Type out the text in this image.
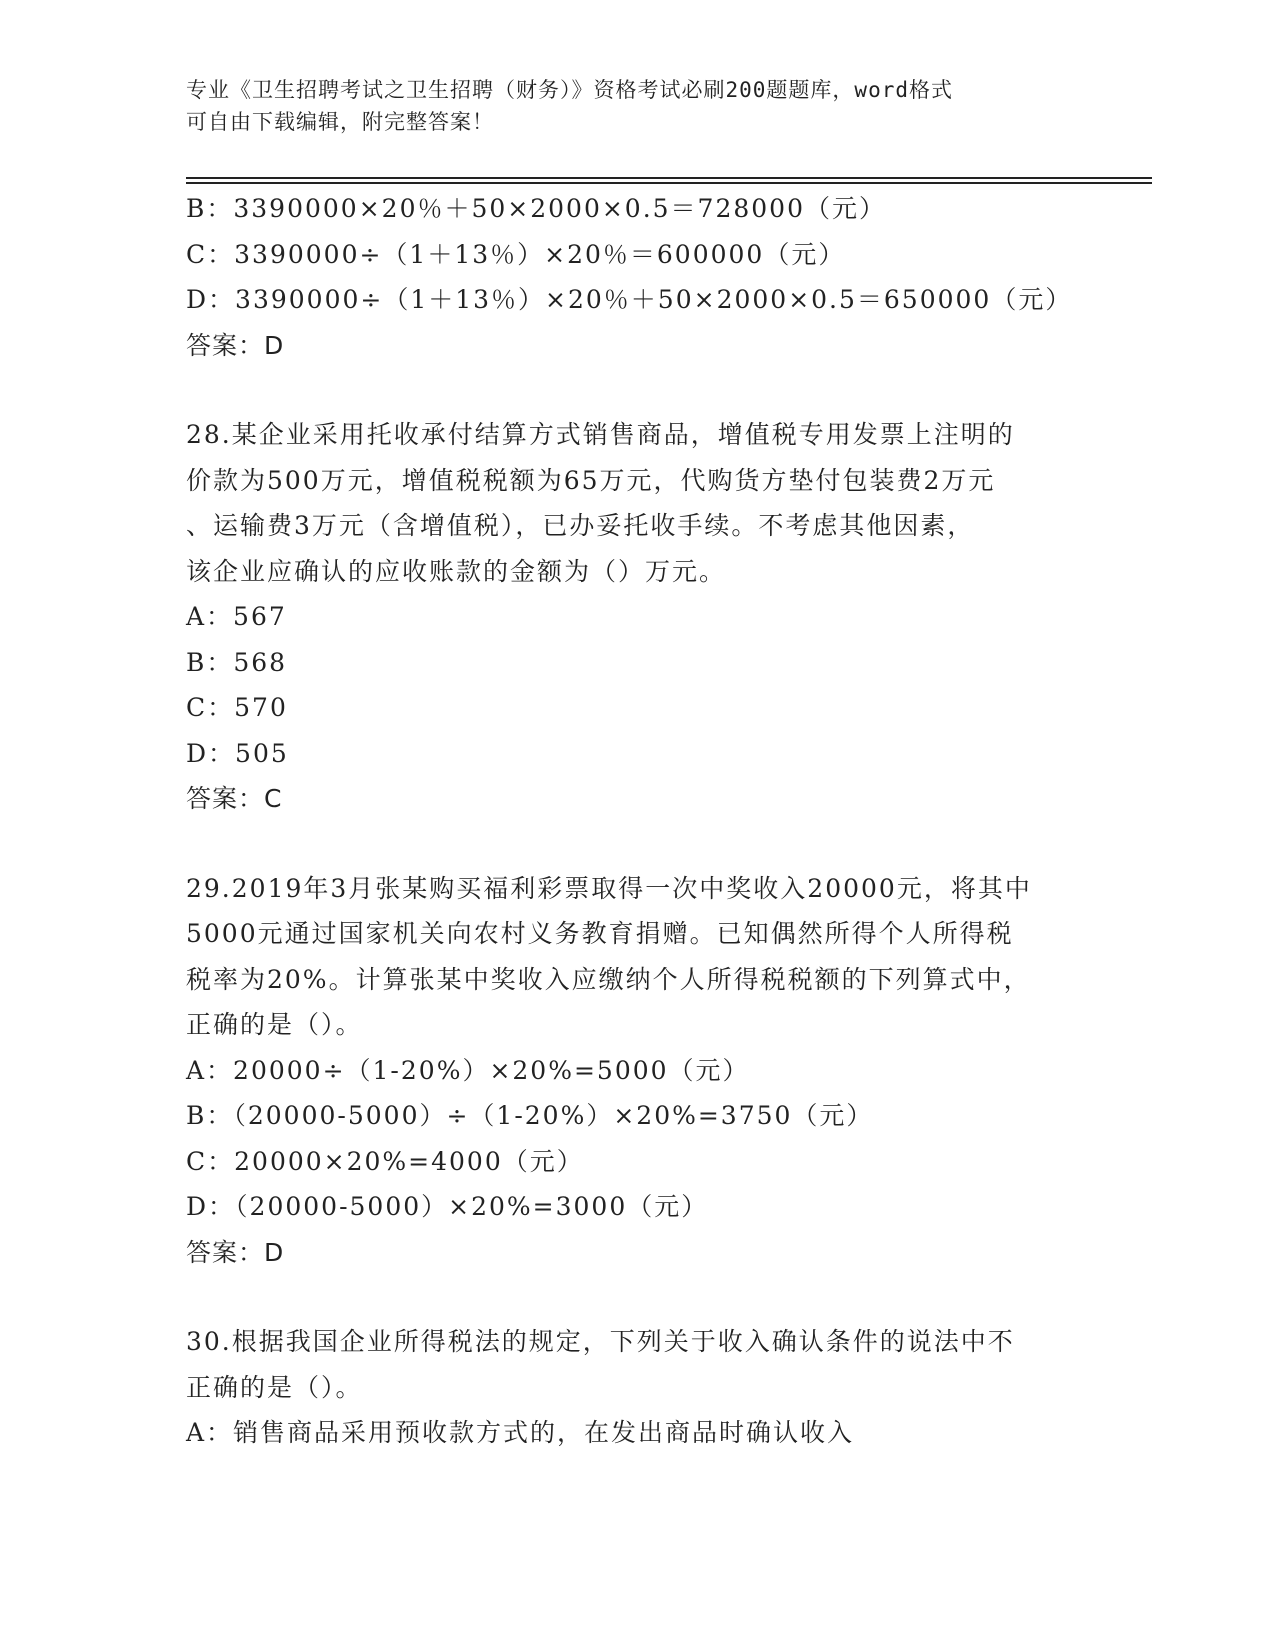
专业《卫生招聘考试之卫生招聘（财务）》资格考试必刷200题题库，word格式
可自由下载编辑，附完整答案！
B：3390000×20％＋50×2000×0.5＝728000（元）
C：3390000÷（1＋13％）×20％＝600000（元）
D：3390000÷（1＋13％）×20％＋50×2000×0.5＝650000（元）
答案：D
28.某企业采用托收承付结算方式销售商品，增值税专用发票上注明的
价款为500万元，增值税税额为65万元，代购货方垫付包装费2万元
、运输费3万元（含增值税），已办妥托收手续。不考虑其他因素，
该企业应确认的应收账款的金额为（）万元。
A：567
B：568
C：570
D：505
答案：C
29.2019年3月张某购买福利彩票取得一次中奖收入20000元，将其中
5000元通过国家机关向农村义务教育捐赠。已知偶然所得个人所得税
税率为20%。计算张某中奖收入应缴纳个人所得税税额的下列算式中，
正确的是（）。
A：20000÷（1-20%）×20%=5000（元）
B：（20000-5000）÷（1-20%）×20%=3750（元）
C：20000×20%=4000（元）
D：（20000-5000）×20%=3000（元）
答案：D
30.根据我国企业所得税法的规定，下列关于收入确认条件的说法中不
正确的是（）。
A：销售商品采用预收款方式的，在发出商品时确认收入
